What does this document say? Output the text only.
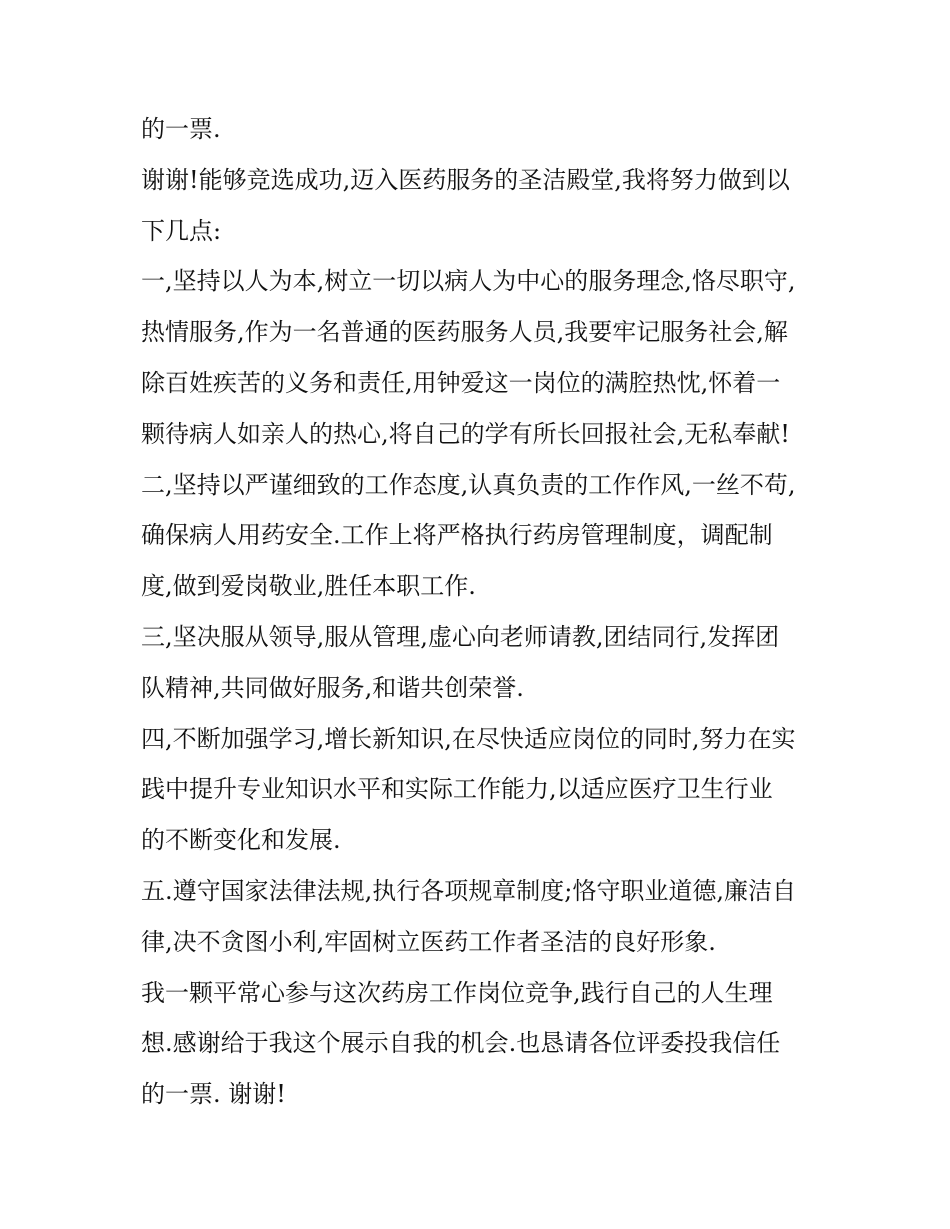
的一票.
谢谢!能够竞选成功,迈入医药服务的圣洁殿堂,我将努力做到以
下几点:
一,坚持以人为本,树立一切以病人为中心的服务理念,恪尽职守,
热情服务,作为一名普通的医药服务人员,我要牢记服务社会,解
除百姓疾苦的义务和责任,用钟爱这一岗位的满腔热忱,怀着一
颗待病人如亲人的热心,将自己的学有所长回报社会,无私奉献!
二,坚持以严谨细致的工作态度,认真负责的工作作风,一丝不苟,
确保病人用药安全.工作上将严格执行药房管理制度，调配制
度,做到爱岗敬业,胜任本职工作.
三,坚决服从领导,服从管理,虚心向老师请教,团结同行,发挥团
队精神,共同做好服务,和谐共创荣誉.
四,不断加强学习,增长新知识,在尽快适应岗位的同时,努力在实
践中提升专业知识水平和实际工作能力,以适应医疗卫生行业
的不断变化和发展.
五.遵守国家法律法规,执行各项规章制度;恪守职业道德,廉洁自
律,决不贪图小利,牢固树立医药工作者圣洁的良好形象.
我一颗平常心参与这次药房工作岗位竞争,践行自己的人生理
想.感谢给于我这个展示自我的机会.也恳请各位评委投我信任
的一票. 谢谢!
